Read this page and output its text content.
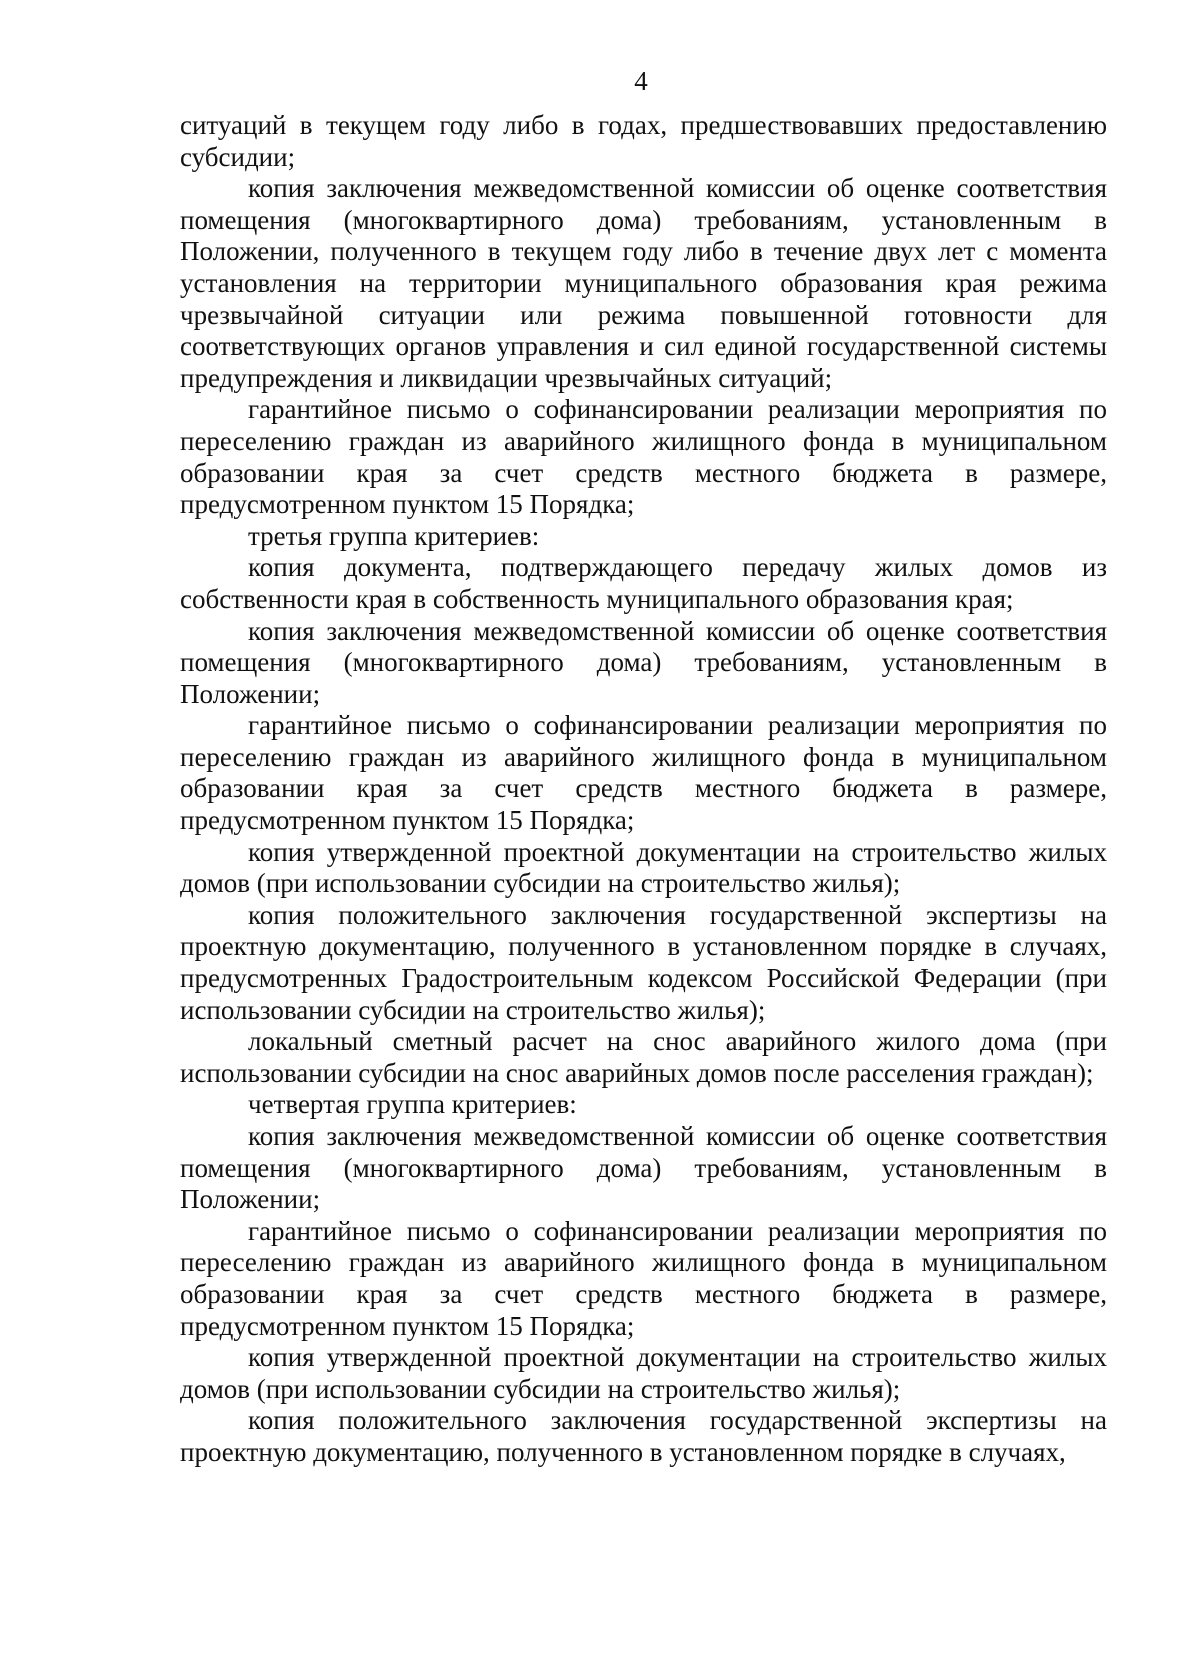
4

ситуаций в текущем году либо в годах, предшествовавших предоставлению субсидии;

копия заключения межведомственной комиссии об оценке соответствия помещения (многоквартирного дома) требованиям, установленным в Положении, полученного в текущем году либо в течение двух лет с момента установления на территории муниципального образования края режима чрезвычайной ситуации или режима повышенной готовности для соответствующих органов управления и сил единой государственной системы предупреждения и ликвидации чрезвычайных ситуаций;

гарантийное письмо о софинансировании реализации мероприятия по переселению граждан из аварийного жилищного фонда в муниципальном образовании края за счет средств местного бюджета в размере, предусмотренном пунктом 15 Порядка;

третья группа критериев:

копия документа, подтверждающего передачу жилых домов из собственности края в собственность муниципального образования края;

копия заключения межведомственной комиссии об оценке соответствия помещения (многоквартирного дома) требованиям, установленным в Положении;

гарантийное письмо о софинансировании реализации мероприятия по переселению граждан из аварийного жилищного фонда в муниципальном образовании края за счет средств местного бюджета в размере, предусмотренном пунктом 15 Порядка;

копия утвержденной проектной документации на строительство жилых домов (при использовании субсидии на строительство жилья);

копия положительного заключения государственной экспертизы на проектную документацию, полученного в установленном порядке в случаях, предусмотренных Градостроительным кодексом Российской Федерации (при использовании субсидии на строительство жилья);

локальный сметный расчет на снос аварийного жилого дома (при использовании субсидии на снос аварийных домов после расселения граждан);

четвертая группа критериев:

копия заключения межведомственной комиссии об оценке соответствия помещения (многоквартирного дома) требованиям, установленным в Положении;

гарантийное письмо о софинансировании реализации мероприятия по переселению граждан из аварийного жилищного фонда в муниципальном образовании края за счет средств местного бюджета в размере, предусмотренном пунктом 15 Порядка;

копия утвержденной проектной документации на строительство жилых домов (при использовании субсидии на строительство жилья);

копия положительного заключения государственной экспертизы на проектную документацию, полученного в установленном порядке в случаях,
